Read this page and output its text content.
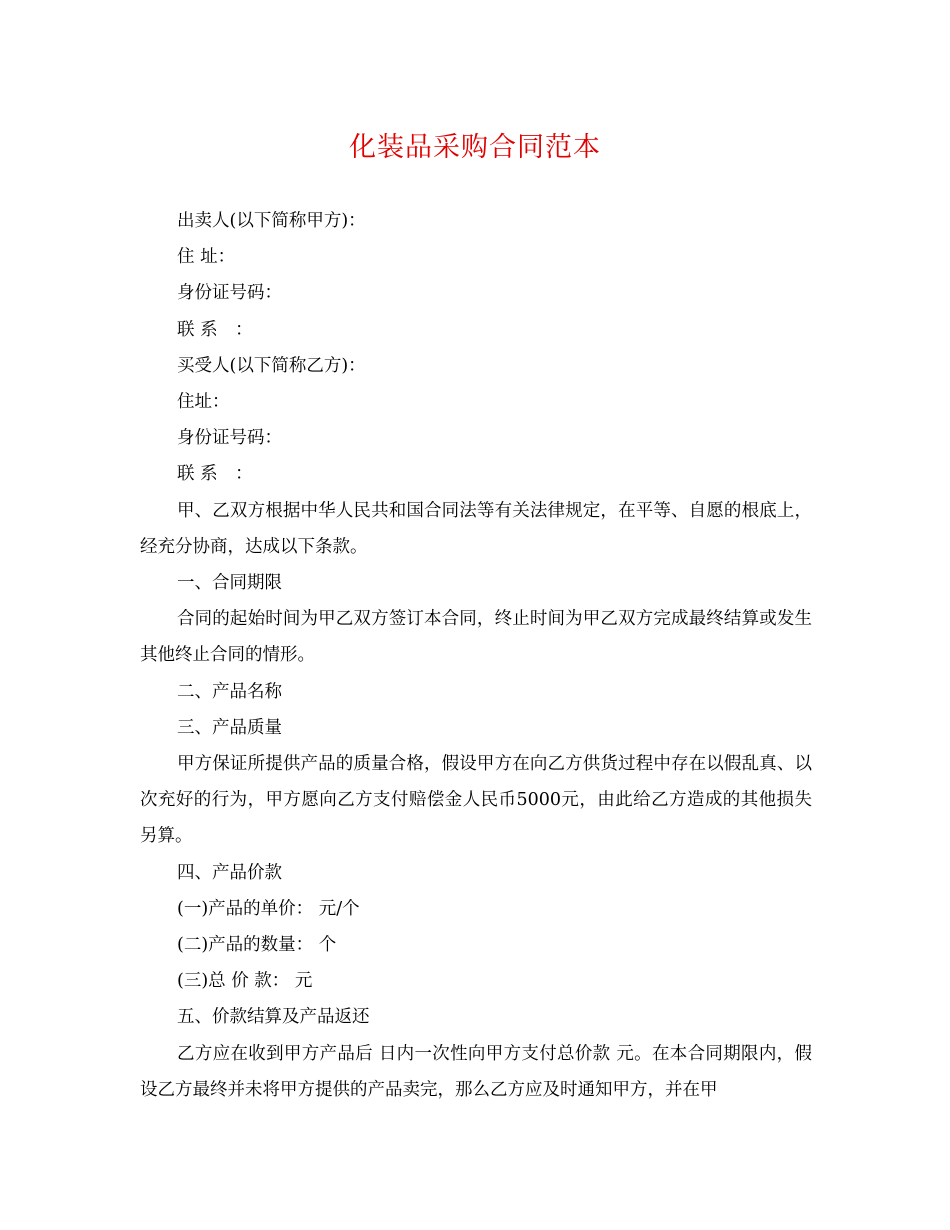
化装品采购合同范本

出卖人(以下简称甲方)：

住 址：

身份证号码：

联 系　：

买受人(以下简称乙方)：

住址：

身份证号码：

联 系　：

甲、乙双方根据中华人民共和国合同法等有关法律规定，在平等、自愿的根底上，经充分协商，达成以下条款。

一、合同期限

合同的起始时间为甲乙双方签订本合同，终止时间为甲乙双方完成最终结算或发生其他终止合同的情形。

二、产品名称

三、产品质量

甲方保证所提供产品的质量合格，假设甲方在向乙方供货过程中存在以假乱真、以次充好的行为，甲方愿向乙方支付赔偿金人民币5000元，由此给乙方造成的其他损失另算。

四、产品价款

(一)产品的单价： 元/个

(二)产品的数量： 个

(三)总 价 款： 元

五、价款结算及产品返还

乙方应在收到甲方产品后 日内一次性向甲方支付总价款 元。在本合同期限内，假设乙方最终并未将甲方提供的产品卖完，那么乙方应及时通知甲方，并在甲
